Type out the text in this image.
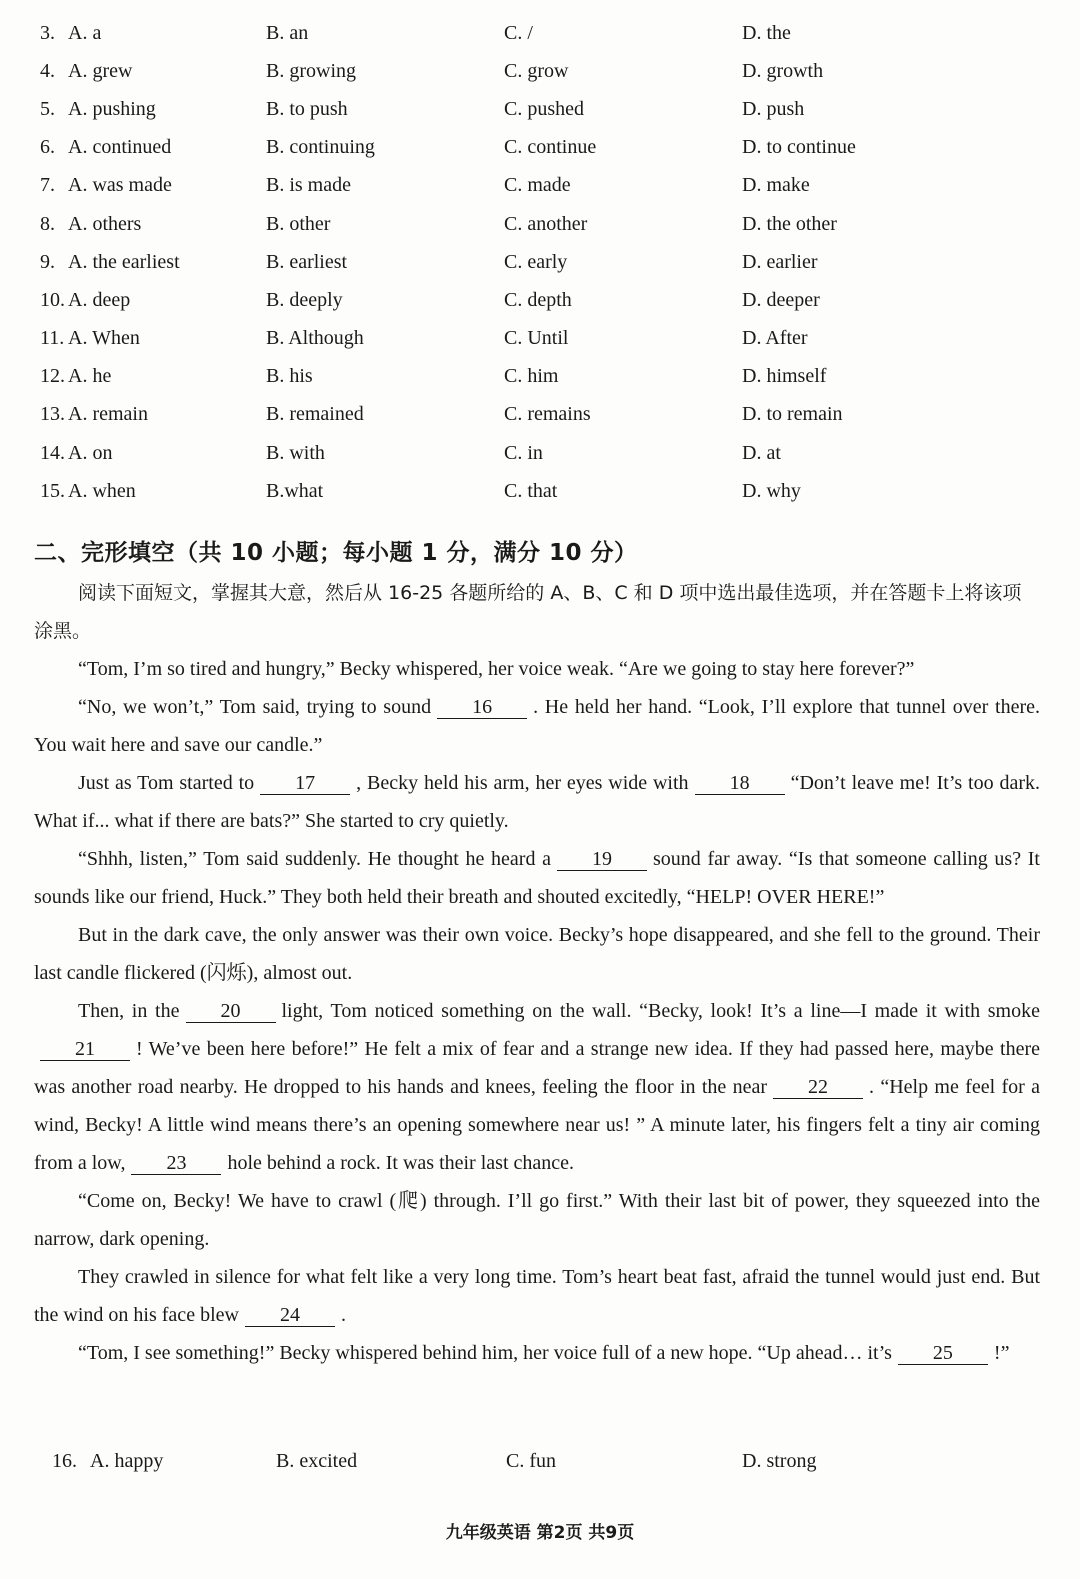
3. A. a	B. an	C. /	D. the
4. A. grew	B. growing	C. grow	D. growth
5. A. pushing	B. to push	C. pushed	D. push
6. A. continued	B. continuing	C. continue	D. to continue
7. A. was made	B. is made	C. made	D. make
8. A. others	B. other	C. another	D. the other
9. A. the earliest	B. earliest	C. early	D. earlier
10. A. deep	B. deeply	C. depth	D. deeper
11. A. When	B. Although	C. Until	D. After
12. A. he	B. his	C. him	D. himself
13. A. remain	B. remained	C. remains	D. to remain
14. A. on	B. with	C. in	D. at
15. A. when	B.what	C. that	D. why
二、完形填空（共 10 小题；每小题 1 分，满分 10 分）
阅读下面短文，掌握其大意，然后从 16-25 各题所给的 A、B、C 和 D 项中选出最佳选项，并在答题卡上将该项涂黑。

“Tom, I’m so tired and hungry,” Becky whispered, her voice weak. “Are we going to stay here forever?”

“No, we won’t,” Tom said, trying to sound 16 . He held her hand. “Look, I’ll explore that tunnel over there. You wait here and save our candle.”

Just as Tom started to 17 , Becky held his arm, her eyes wide with 18 “Don’t leave me! It’s too dark. What if... what if there are bats?” She started to cry quietly.

“Shhh, listen,” Tom said suddenly. He thought he heard a 19 sound far away. “Is that someone calling us? It sounds like our friend, Huck.” They both held their breath and shouted excitedly, “HELP! OVER HERE!”

But in the dark cave, the only answer was their own voice. Becky’s hope disappeared, and she fell to the ground. Their last candle flickered (闪烁), almost out.

Then, in the 20 light, Tom noticed something on the wall. “Becky, look! It’s a line—I made it with smoke21 ! We’ve been here before!” He felt a mix of fear and a strange new idea. If they had passed here, maybe there was another road nearby. He dropped to his hands and knees, feeling the floor in the near 22 . “Help me feel for a wind, Becky! A little wind means there’s an opening somewhere near us! ” A minute later, his fingers felt a tiny air coming from a low, 23 hole behind a rock. It was their last chance.

“Come on, Becky! We have to crawl (爬) through. I’ll go first.” With their last bit of power, they squeezed into the narrow, dark opening.

They crawled in silence for what felt like a very long time. Tom’s heart beat fast, afraid the tunnel would just end. But the wind on his face blew 24 .

“Tom, I see something!” Becky whispered behind him, her voice full of a new hope. “Up ahead… it’s 25 !”

16. A. happy	B. excited	C. fun	D. strong
九年级英语 第2页 共9页
